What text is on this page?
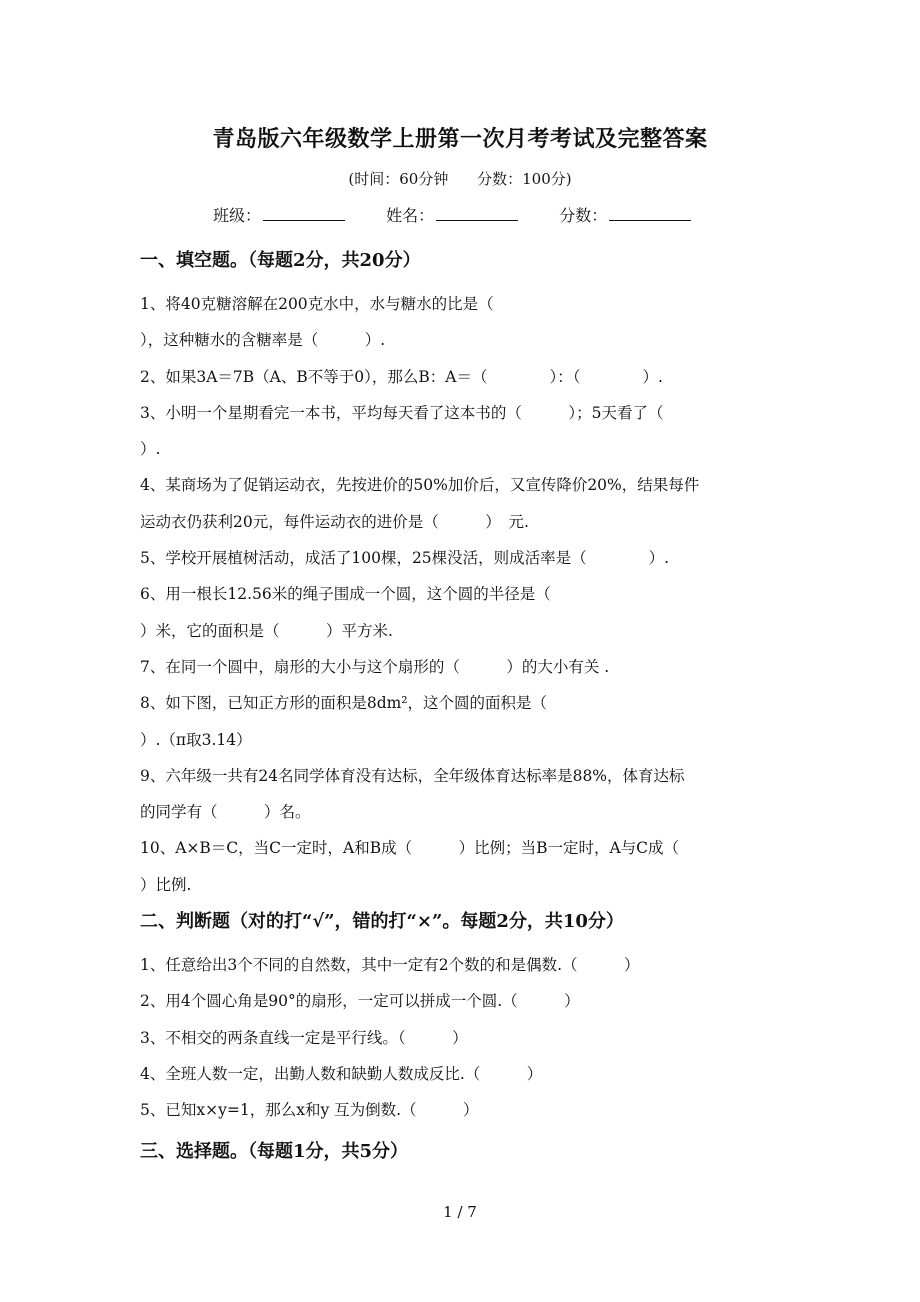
青岛版六年级数学上册第一次月考考试及完整答案
(时间：60分钟 分数：100分)
班级：	姓名：	分数：
一、填空题。（每题2分，共20分）
1、将40克糖溶解在200克水中，水与糖水的比是（
），这种糖水的含糖率是（　　　）.
2、如果3A＝7B（A、B不等于0），那么B：A＝（　　　　）：（　　　　）.
3、小明一个星期看完一本书，平均每天看了这本书的（　　　）；5天看了（
）.
4、某商场为了促销运动衣，先按进价的50%加价后，又宣传降价20%，结果每件
运动衣仍获利20元，每件运动衣的进价是（　　　）　元.
5、学校开展植树活动，成活了100棵，25棵没活，则成活率是（　　　　）.
6、用一根长12.56米的绳子围成一个圆，这个圆的半径是（
）米，它的面积是（　　　）平方米.
7、在同一个圆中，扇形的大小与这个扇形的（　　　）的大小有关 .
8、如下图，已知正方形的面积是8dm²，这个圆的面积是（
）.（π取3.14）
9、六年级一共有24名同学体育没有达标，全年级体育达标率是88%，体育达标
的同学有（　　　）名。
10、A×B＝C，当C一定时，A和B成（　　　）比例；当B一定时，A与C成（
）比例.
二、判断题（对的打“√”，错的打“×”。每题2分，共10分）
1、任意给出3个不同的自然数，其中一定有2个数的和是偶数.（　　　）
2、用4个圆心角是90°的扇形，一定可以拼成一个圆.（　　　）
3、不相交的两条直线一定是平行线。（　　　）
4、全班人数一定，出勤人数和缺勤人数成反比.（　　　）
5、已知x×y=1，那么x和y 互为倒数.（　　　）
三、选择题。（每题1分，共5分）
1 / 7
